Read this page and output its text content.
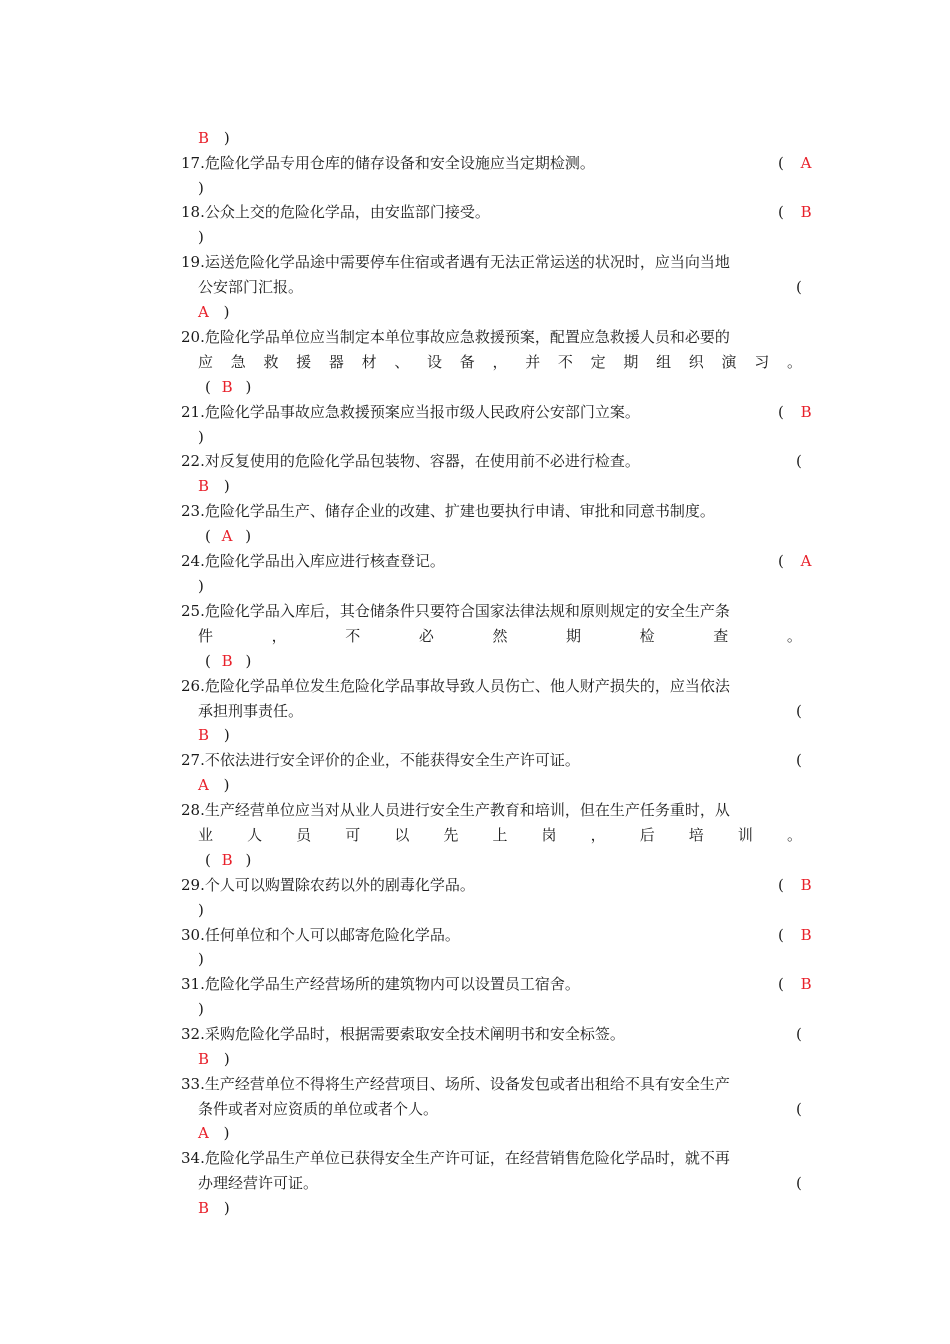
B )
17.危险化学品专用仓库的储存设备和安全设施应当定期检测。	( A
)
18.公众上交的危险化学品，由安监部门接受。	( B
)
19.运送危险化学品途中需要停车住宿或者遇有无法正常运送的状况时，应当向当地
公安部门汇报。	(
A )
20.危险化学品单位应当制定本单位事故应急救援预案，配置应急救援人员和必要的
应 急 救 援 器 材 、 设 备 ， 并 不 定 期 组 织 演 习 。
( B )
21.危险化学品事故应急救援预案应当报市级人民政府公安部门立案。	( B
)
22.对反复使用的危险化学品包装物、容器，在使用前不必进行检查。	(
B )
23.危险化学品生产、储存企业的改建、扩建也要执行申请、审批和同意书制度。
( A )
24.危险化学品出入库应进行核查登记。	( A
)
25.危险化学品入库后，其仓储条件只要符合国家法律法规和原则规定的安全生产条
件	，	不	必	然	期	检	查	。
( B )
26.危险化学品单位发生危险化学品事故导致人员伤亡、他人财产损失的，应当依法
承担刑事责任。	(
B )
27.不依法进行安全评价的企业，不能获得安全生产许可证。	(
A )
28.生产经营单位应当对从业人员进行安全生产教育和培训，但在生产任务重时，从
业 人 员 可 以 先 上 岗 ， 后 培 训 。
( B )
29.个人可以购置除农药以外的剧毒化学品。	( B
)
30.任何单位和个人可以邮寄危险化学品。	( B
)
31.危险化学品生产经营场所的建筑物内可以设置员工宿舍。	( B
)
32.采购危险化学品时，根据需要索取安全技术阐明书和安全标签。	(
B )
33.生产经营单位不得将生产经营项目、场所、设备发包或者出租给不具有安全生产
条件或者对应资质的单位或者个人。	(
A )
34.危险化学品生产单位已获得安全生产许可证，在经营销售危险化学品时，就不再
办理经营许可证。	(
B )
